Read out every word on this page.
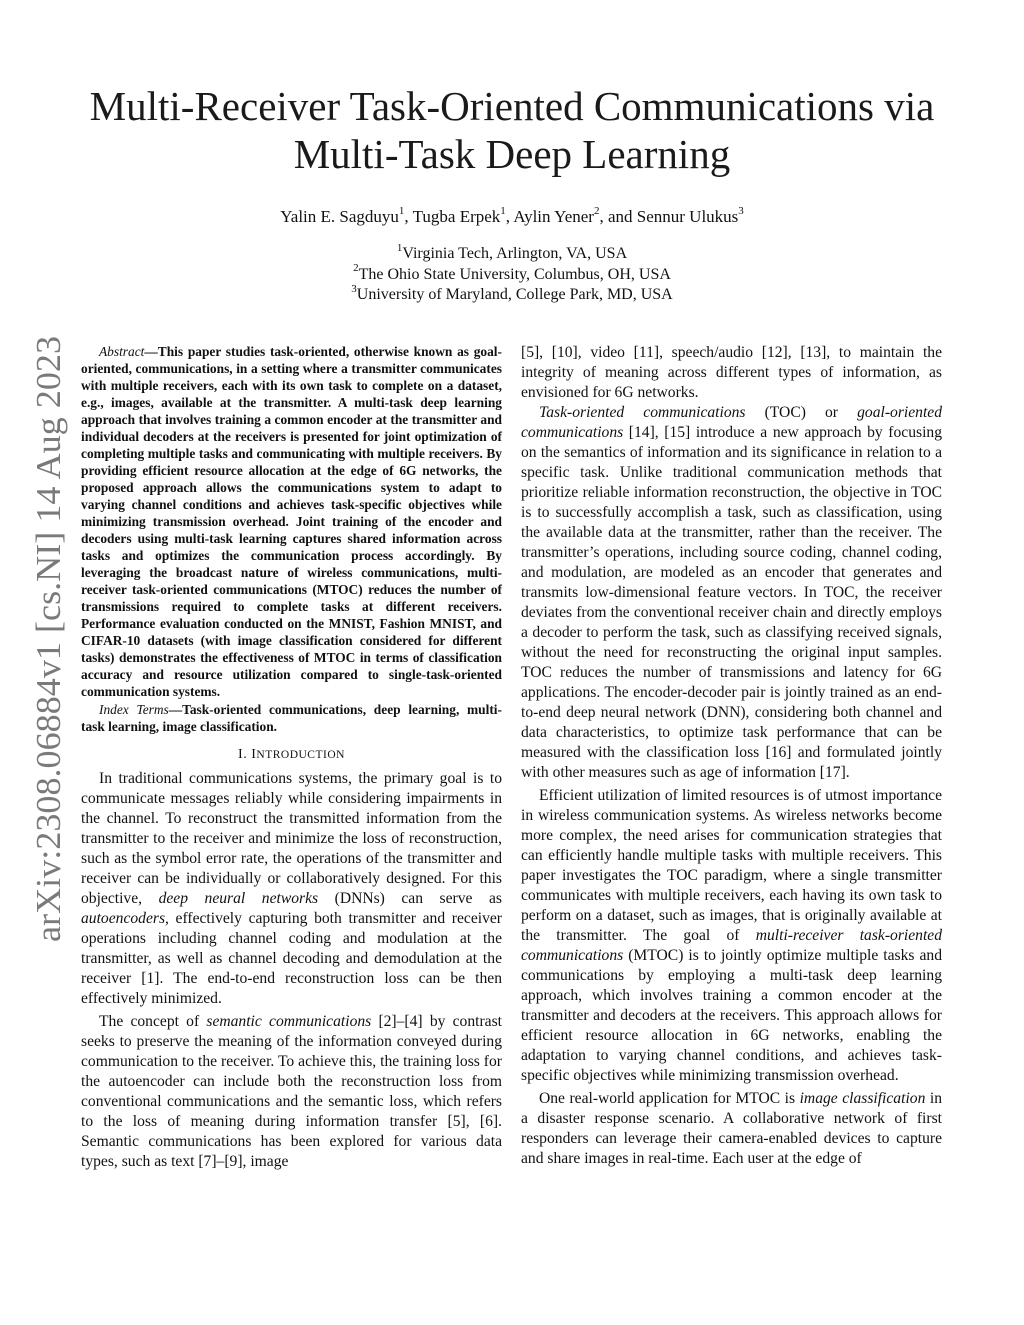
arXiv:2308.06884v1 [cs.NI] 14 Aug 2023
Multi-Receiver Task-Oriented Communications via
Multi-Task Deep Learning
Yalin E. Sagduyu$^1$, Tugba Erpek$^1$, Aylin Yener$^2$, and Sennur Ulukus$^3$
$^1$Virginia Tech, Arlington, VA, USA
$^2$The Ohio State University, Columbus, OH, USA
$^3$University of Maryland, College Park, MD, USA

Abstract—This paper studies task-oriented, otherwise known as goal-oriented, communications, in a setting where a transmitter communicates with multiple receivers, each with its own task to complete on a dataset, e.g., images, available at the transmitter. A multi-task deep learning approach that involves training a common encoder at the transmitter and individual decoders at the receivers is presented for joint optimization of completing multiple tasks and communicating with multiple receivers. By providing efficient resource allocation at the edge of 6G networks, the proposed approach allows the communications system to adapt to varying channel conditions and achieves task-specific objectives while minimizing transmission overhead. Joint training of the encoder and decoders using multi-task learning captures shared information across tasks and optimizes the communication process accordingly. By leveraging the broadcast nature of wireless communications, multi-receiver task-oriented communications (MTOC) reduces the number of transmissions required to complete tasks at different receivers. Performance evaluation conducted on the MNIST, Fashion MNIST, and CIFAR-10 datasets (with image classification considered for different tasks) demonstrates the effectiveness of MTOC in terms of classification accuracy and resource utilization compared to single-task-oriented communication systems.

Index Terms—Task-oriented communications, deep learning, multi-task learning, image classification.

I. INTRODUCTION

In traditional communications systems, the primary goal is to communicate messages reliably while considering impairments in the channel. To reconstruct the transmitted information from the transmitter to the receiver and minimize the loss of reconstruction, such as the symbol error rate, the operations of the transmitter and receiver can be individually or collaboratively designed. For this objective, deep neural networks (DNNs) can serve as autoencoders, effectively capturing both transmitter and receiver operations including channel coding and modulation at the transmitter, as well as channel decoding and demodulation at the receiver [1]. The end-to-end reconstruction loss can be then effectively minimized.

The concept of semantic communications [2]–[4] by contrast seeks to preserve the meaning of the information conveyed during communication to the receiver. To achieve this, the training loss for the autoencoder can include both the reconstruction loss from conventional communications and the semantic loss, which refers to the loss of meaning during information transfer [5], [6]. Semantic communications has been explored for various data types, such as text [7]–[9], image

[5], [10], video [11], speech/audio [12], [13], to maintain the integrity of meaning across different types of information, as envisioned for 6G networks.

Task-oriented communications (TOC) or goal-oriented communications [14], [15] introduce a new approach by focusing on the semantics of information and its significance in relation to a specific task. Unlike traditional communication methods that prioritize reliable information reconstruction, the objective in TOC is to successfully accomplish a task, such as classification, using the available data at the transmitter, rather than the receiver. The transmitter’s operations, including source coding, channel coding, and modulation, are modeled as an encoder that generates and transmits low-dimensional feature vectors. In TOC, the receiver deviates from the conventional receiver chain and directly employs a decoder to perform the task, such as classifying received signals, without the need for reconstructing the original input samples. TOC reduces the number of transmissions and latency for 6G applications. The encoder-decoder pair is jointly trained as an end-to-end deep neural network (DNN), considering both channel and data characteristics, to optimize task performance that can be measured with the classification loss [16] and formulated jointly with other measures such as age of information [17].

Efficient utilization of limited resources is of utmost importance in wireless communication systems. As wireless networks become more complex, the need arises for communication strategies that can efficiently handle multiple tasks with multiple receivers. This paper investigates the TOC paradigm, where a single transmitter communicates with multiple receivers, each having its own task to perform on a dataset, such as images, that is originally available at the transmitter. The goal of multi-receiver task-oriented communications (MTOC) is to jointly optimize multiple tasks and communications by employing a multi-task deep learning approach, which involves training a common encoder at the transmitter and decoders at the receivers. This approach allows for efficient resource allocation in 6G networks, enabling the adaptation to varying channel conditions, and achieves task-specific objectives while minimizing transmission overhead.

One real-world application for MTOC is image classification in a disaster response scenario. A collaborative network of first responders can leverage their camera-enabled devices to capture and share images in real-time. Each user at the edge of
